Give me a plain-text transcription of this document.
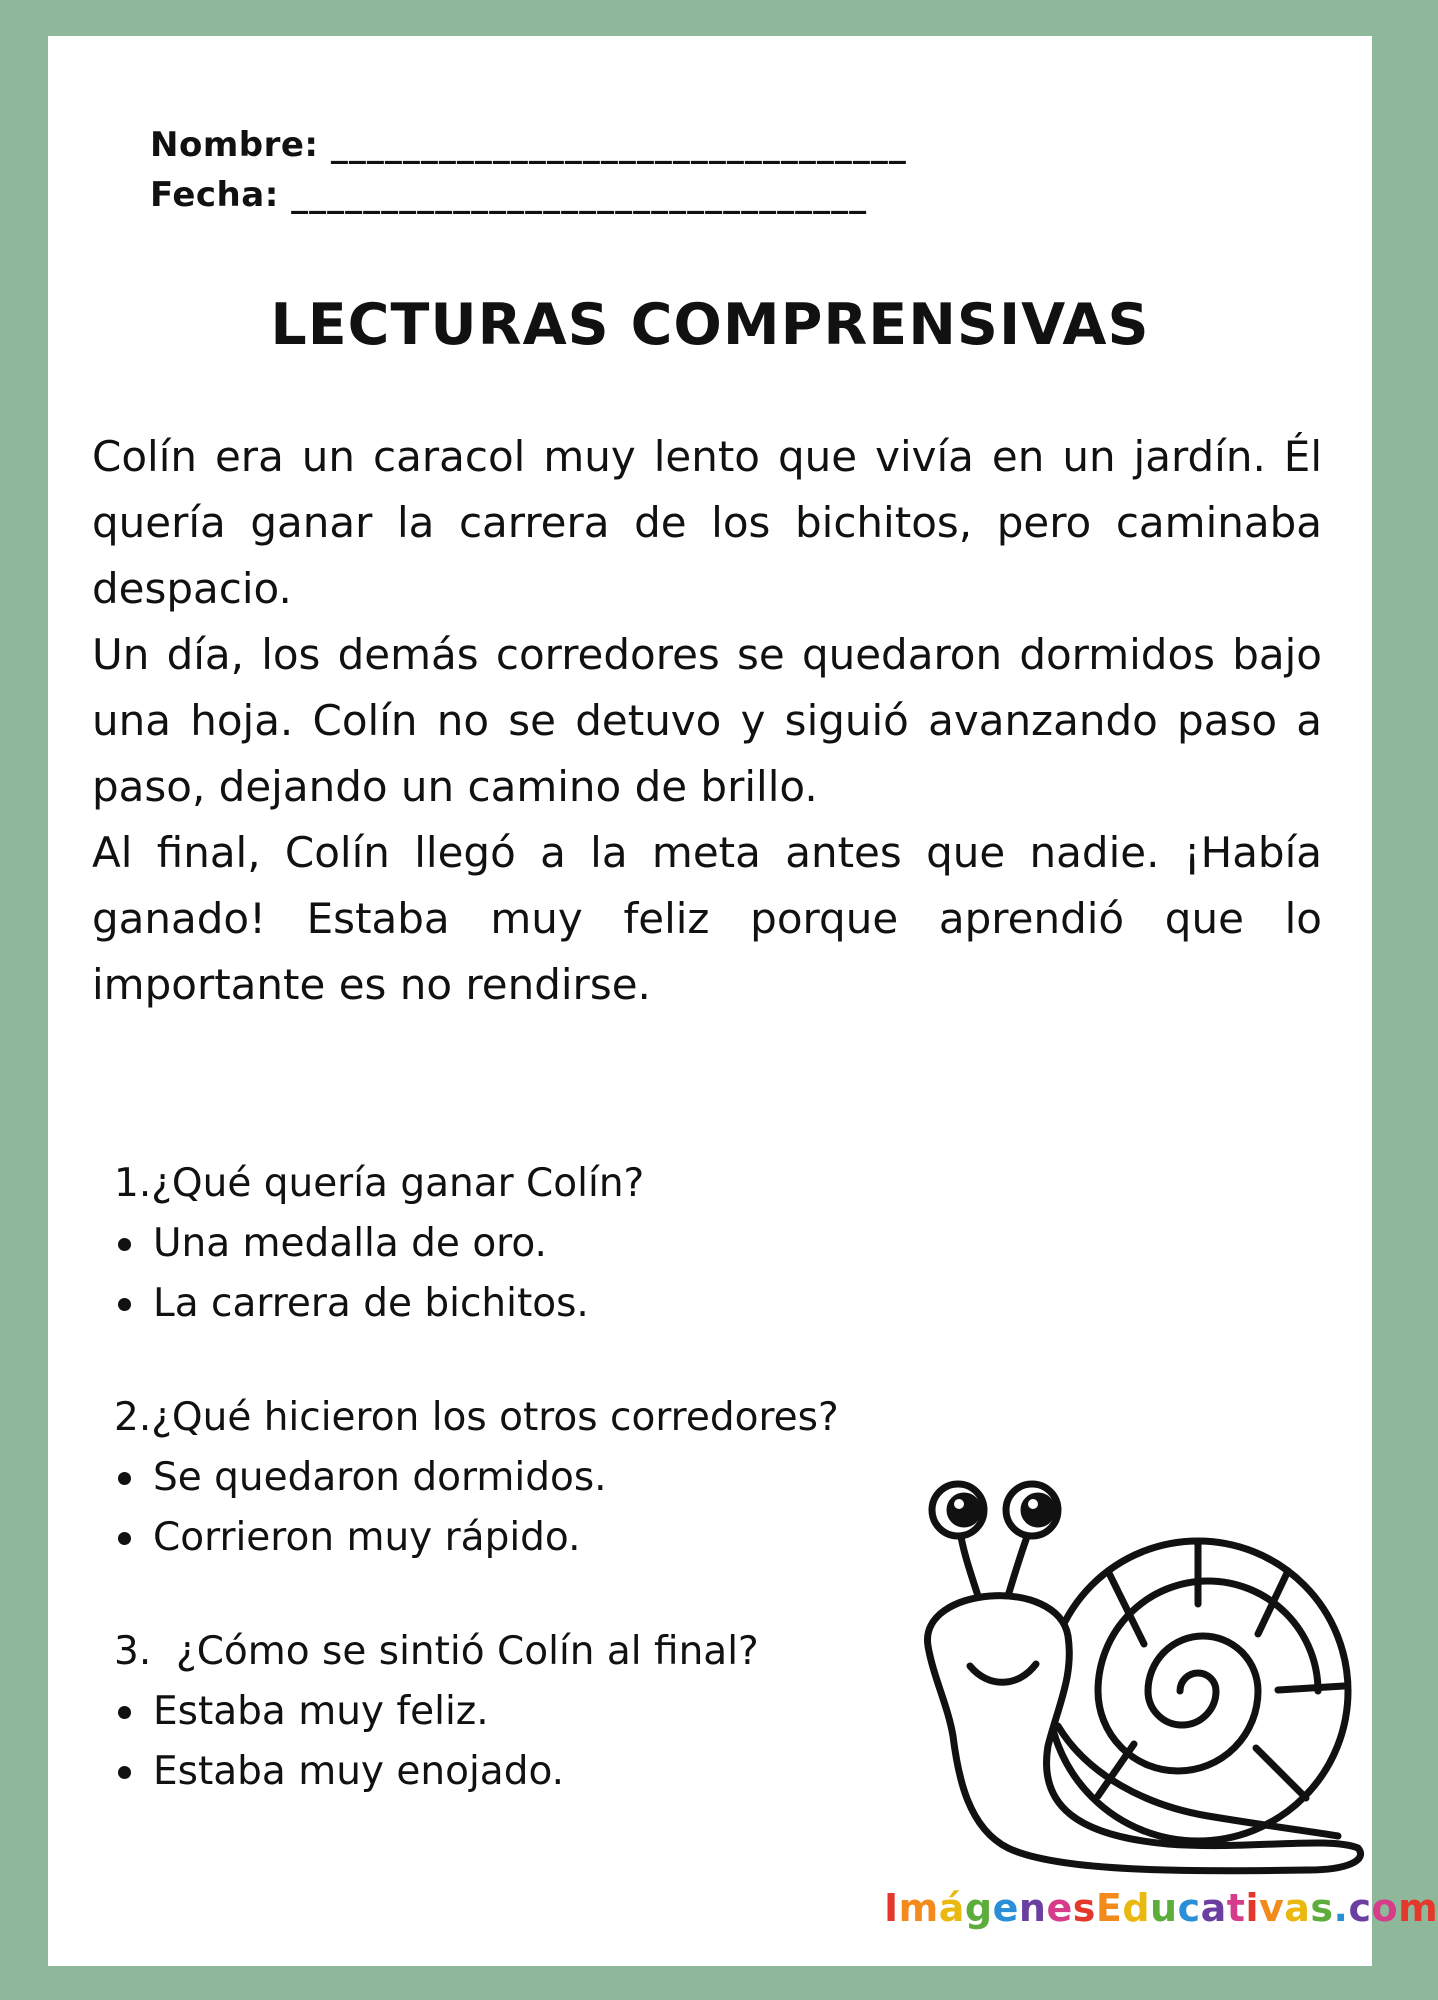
Nombre: ________________________________
Fecha: ________________________________
LECTURAS COMPRENSIVAS

Colín era un caracol muy lento que vivía en un jardín. Él quería ganar la carrera de los bichitos, pero caminaba despacio.

Un día, los demás corredores se quedaron dormidos bajo una hoja. Colín no se detuvo y siguió avanzando paso a paso, dejando un camino de brillo.

Al final, Colín llegó a la meta antes que nadie. ¡Había ganado! Estaba muy feliz porque aprendió que lo importante es no rendirse.

1.¿Qué quería ganar Colín?
Una medalla de oro.
La carrera de bichitos.
2.¿Qué hicieron los otros corredores?
Se quedaron dormidos.
Corrieron muy rápido.
3.  ¿Cómo se sintió Colín al final?
Estaba muy feliz.
Estaba muy enojado.
ImágenesEducativas.com
